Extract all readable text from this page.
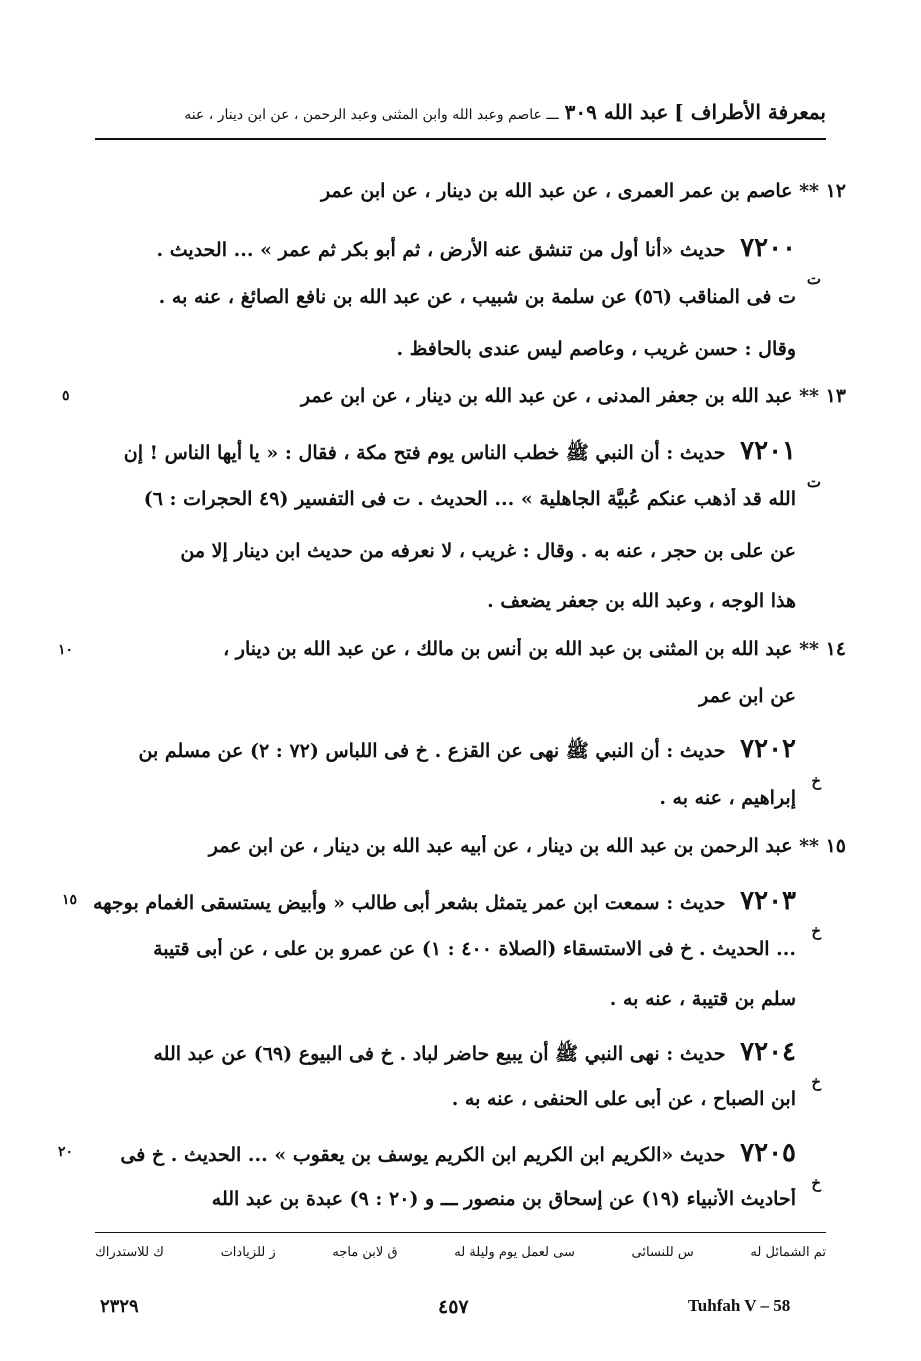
بمعرفة الأطراف ]
عبد الله ٣٠٩
ـــ عاصم وعبد الله وابن المثنى وعبد الرحمن ، عن ابن دينار ، عنه
١٢ ** عاصم بن عمر العمرى ، عن عبد الله بن دينار ، عن ابن عمر
٧٢٠٠ حديث «أنا أول من تنشق عنه الأرض ، ثم أبو بكر ثم عمر » ... الحديث .
ت
ت فى المناقب (٥٦) عن سلمة بن شبيب ، عن عبد الله بن نافع الصائغ ، عنه به .
وقال : حسن غريب ، وعاصم ليس عندى بالحافظ .
٥	١٣ ** عبد الله بن جعفر المدنى ، عن عبد الله بن دينار ، عن ابن عمر
٧٢٠١ حديث : أن النبي ﷺ خطب الناس يوم فتح مكة ، فقال : « يا أيها الناس ! إن
ت
الله قد أذهب عنكم عُبيَّة الجاهلية » ... الحديث . ت فى التفسير (٤٩ الحجرات : ٦)
عن على بن حجر ، عنه به . وقال : غريب ، لا نعرفه من حديث ابن دينار إلا من
هذا الوجه ، وعبد الله بن جعفر يضعف .
١٠	١٤ ** عبد الله بن المثنى بن عبد الله بن أنس بن مالك ، عن عبد الله بن دينار ،
عن ابن عمر
٧٢٠٢ حديث : أن النبي ﷺ نهى عن القزع . خ فى اللباس (٧٢ : ٢) عن مسلم بن
خ
إبراهيم ، عنه به .
١٥ ** عبد الرحمن بن عبد الله بن دينار ، عن أبيه عبد الله بن دينار ، عن ابن عمر
١٥	٧٢٠٣ حديث : سمعت ابن عمر يتمثل بشعر أبى طالب « وأبيض يستسقى الغمام بوجهه
خ
... الحديث . خ فى الاستسقاء (الصلاة ٤٠٠ : ١) عن عمرو بن على ، عن أبى قتيبة
سلم بن قتيبة ، عنه به .
٧٢٠٤ حديث : نهى النبي ﷺ أن يبيع حاضر لباد . خ فى البيوع (٦٩) عن عبد الله
خ
ابن الصباح ، عن أبى على الحنفى ، عنه به .
٢٠	٧٢٠٥ حديث «الكريم ابن الكريم ابن الكريم يوسف بن يعقوب » ... الحديث . خ فى
خ
أحاديث الأنبياء (١٩) عن إسحاق بن منصور ـــ و (٢٠ : ٩) عبدة بن عبد الله
تم الشمائل له
س للنسائى
سى لعمل يوم وليلة له
ق لابن ماجه
ز للزيادات
ك للاستدراك
Tuhfah V – 58
٤٥٧
٢٣٢٩
